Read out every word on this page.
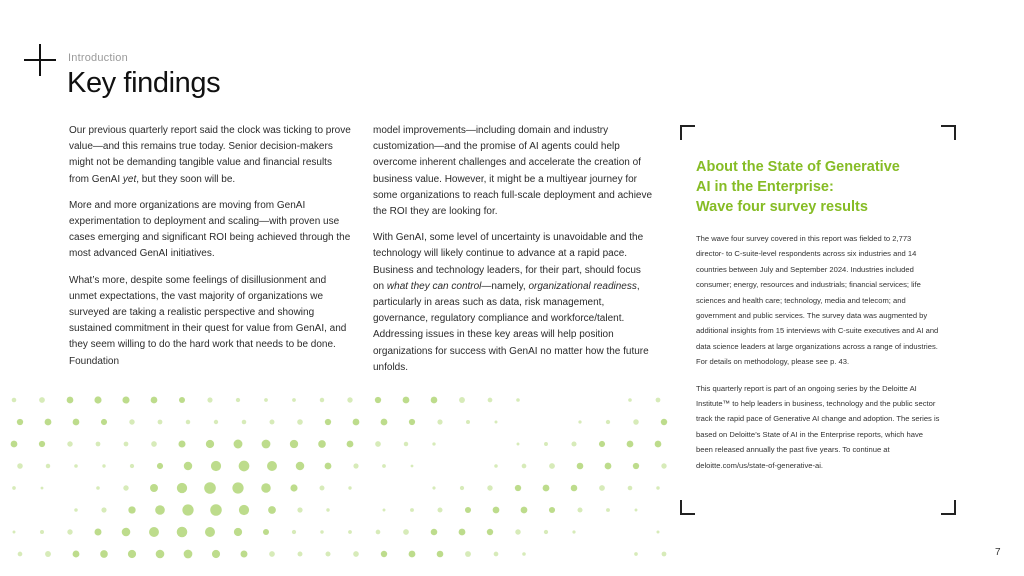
Introduction
Key findings

Our previous quarterly report said the clock was ticking to prove value—and this remains true today. Senior decision-makers might not be demanding tangible value and financial results from GenAI yet, but they soon will be.

More and more organizations are moving from GenAI experimentation to deployment and scaling—with proven use cases emerging and significant ROI being achieved through the most advanced GenAI initiatives.

What’s more, despite some feelings of disillusionment and unmet expectations, the vast majority of organizations we surveyed are taking a realistic perspective and showing sustained commitment in their quest for value from GenAI, and they seem willing to do the hard work that needs to be done. Foundation

model improvements—including domain and industry customization—and the promise of AI agents could help overcome inherent challenges and accelerate the creation of business value. However, it might be a multiyear journey for some organizations to reach full-scale deployment and achieve the ROI they are looking for.

With GenAI, some level of uncertainty is unavoidable and the technology will likely continue to advance at a rapid pace. Business and technology leaders, for their part, should focus on what they can control—namely, organizational readiness, particularly in areas such as data, risk management, governance, regulatory compliance and workforce/talent. Addressing issues in these key areas will help position organizations for success with GenAI no matter how the future unfolds.

About the State of Generative
AI in the Enterprise:
Wave four survey results

The wave four survey covered in this report was fielded to 2,773 director- to C-suite-level respondents across six industries and 14 countries between July and September 2024. Industries included consumer; energy, resources and industrials; financial services; life sciences and health care; technology, media and telecom; and government and public services. The survey data was augmented by additional insights from 15 interviews with C-suite executives and AI and data science leaders at large organizations across a range of industries. For details on methodology, please see p. 43.

This quarterly report is part of an ongoing series by the Deloitte AI Institute™ to help leaders in business, technology and the public sector track the rapid pace of Generative AI change and adoption. The series is based on Deloitte’s State of AI in the Enterprise reports, which have been released annually the past five years. To continue at deloitte.com/us/state-of-generative-ai.

7
